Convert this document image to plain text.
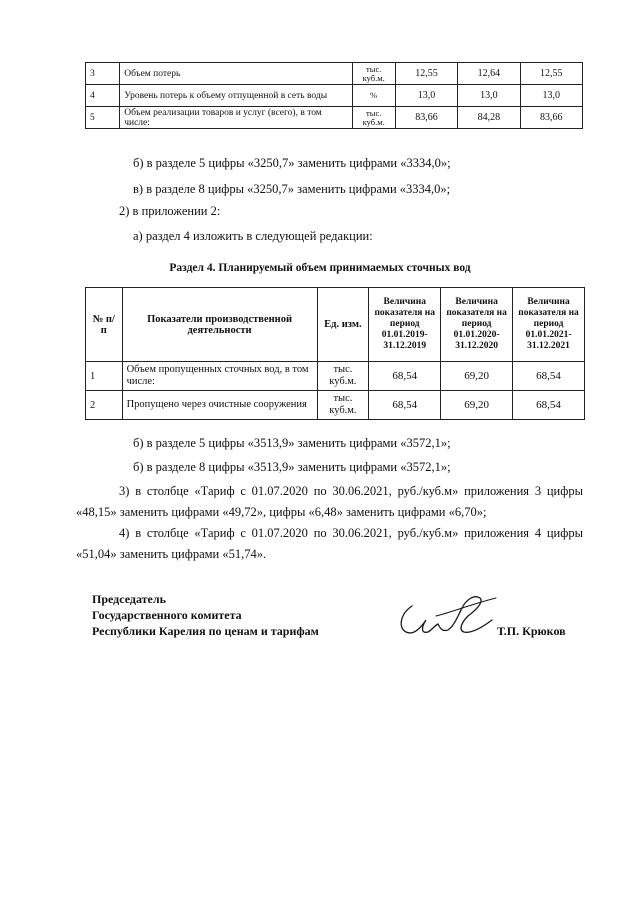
3	Объем потерь	тыс. куб.м.	12,55	12,64	12,55
4	Уровень потерь к объему отпущенной в сеть воды	%	13,0	13,0	13,0
5	Объем реализации товаров и услуг (всего), в том числе:	тыс. куб.м.	83,66	84,28	83,66
б) в разделе 5 цифры «3250,7» заменить цифрами «3334,0»;
в) в разделе 8 цифры «3250,7» заменить цифрами «3334,0»;
2) в приложении 2:
а) раздел 4 изложить в следующей редакции:
Раздел 4. Планируемый объем принимаемых сточных вод
№ п/п	Показатели производственной деятельности	Ед. изм.	Величина показателя на период 01.01.2019-31.12.2019	Величина показателя на период 01.01.2020-31.12.2020	Величина показателя на период 01.01.2021-31.12.2021
1	Объем пропущенных сточных вод, в том числе:	тыс. куб.м.	68,54	69,20	68,54
2	Пропущено через очистные сооружения	тыс. куб.м.	68,54	69,20	68,54
б) в разделе 5 цифры «3513,9» заменить цифрами «3572,1»;
б) в разделе 8 цифры «3513,9» заменить цифрами «3572,1»;
3) в столбце «Тариф с 01.07.2020 по 30.06.2021, руб./куб.м» приложения 3 цифры
«48,15» заменить цифрами «49,72», цифры «6,48» заменить цифрами «6,70»;
4) в столбце «Тариф с 01.07.2020 по 30.06.2021, руб./куб.м» приложения 4 цифры
«51,04» заменить цифрами «51,74».
Председатель
Государственного комитета
Республики Карелия по ценам и тарифам	Т.П. Крюков
